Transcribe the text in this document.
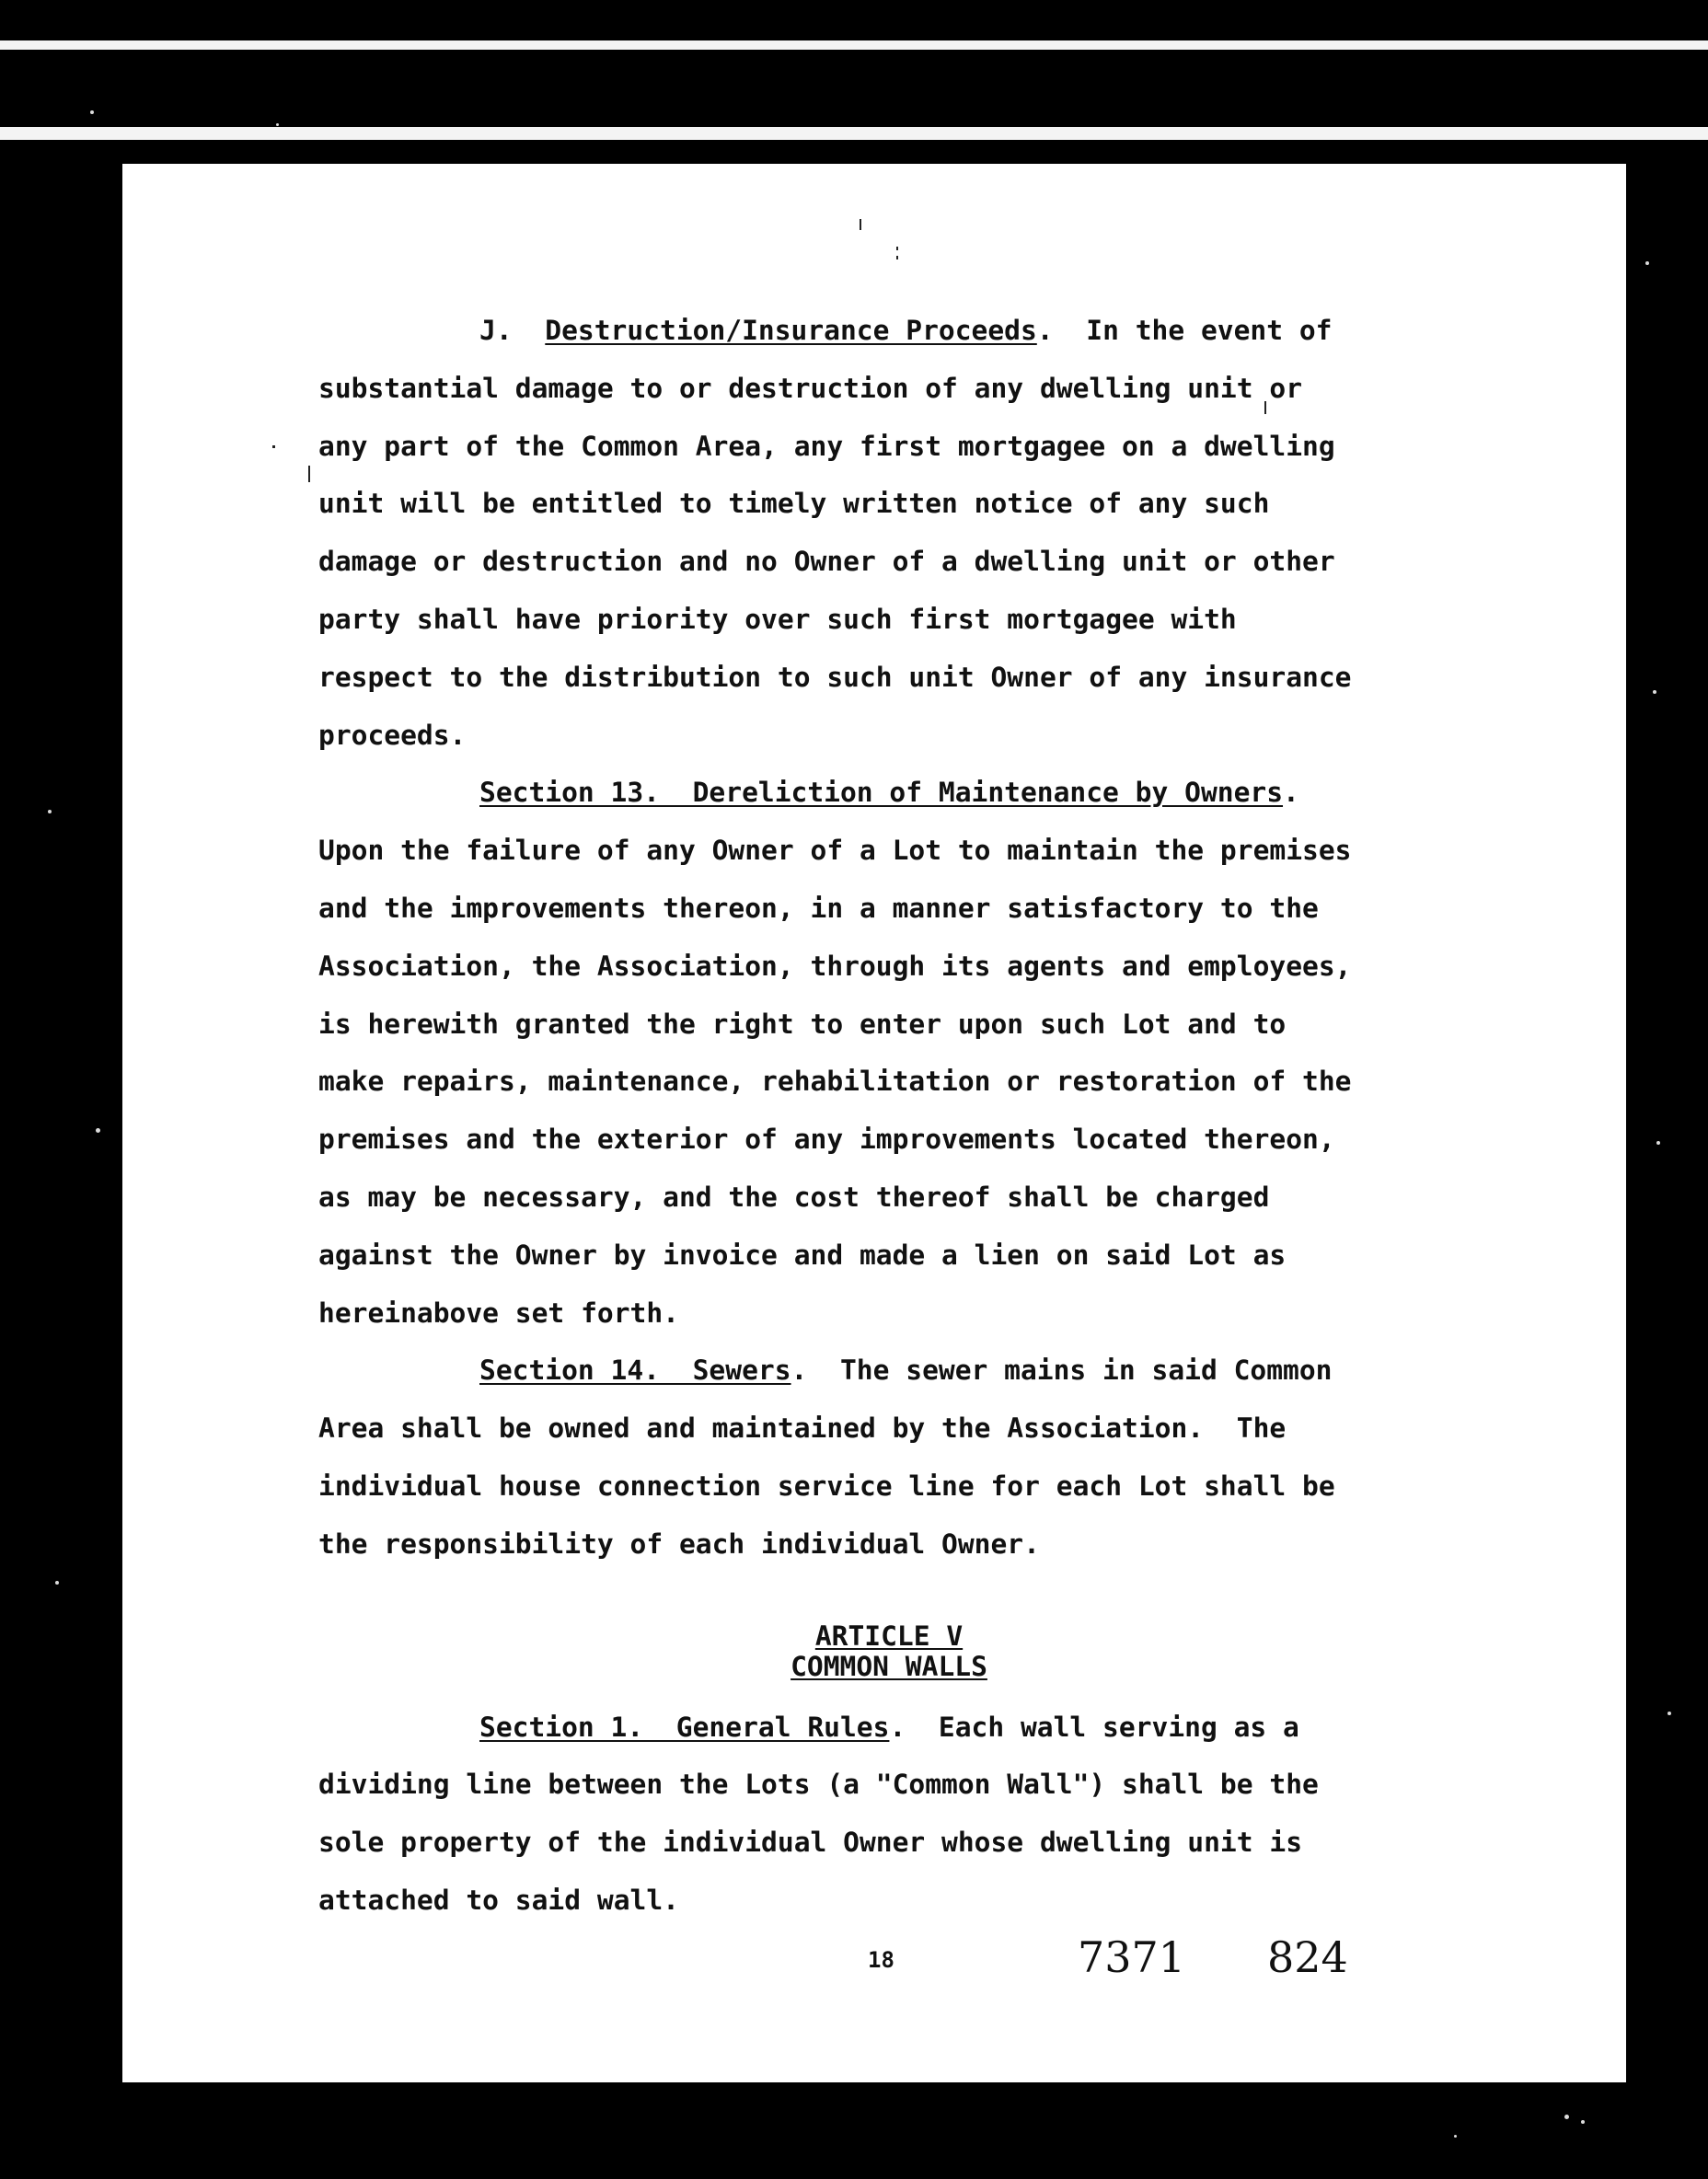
J. Destruction/Insurance Proceeds.  In the event of
substantial damage to or destruction of any dwelling unit or
any part of the Common Area, any first mortgagee on a dwelling
unit will be entitled to timely written notice of any such
damage or destruction and no Owner of a dwelling unit or other
party shall have priority over such first mortgagee with
respect to the distribution to such unit Owner of any insurance
proceeds.
Section 13.  Dereliction of Maintenance by Owners.
Upon the failure of any Owner of a Lot to maintain the premises
and the improvements thereon, in a manner satisfactory to the
Association, the Association, through its agents and employees,
is herewith granted the right to enter upon such Lot and to
make repairs, maintenance, rehabilitation or restoration of the
premises and the exterior of any improvements located thereon,
as may be necessary, and the cost thereof shall be charged
against the Owner by invoice and made a lien on said Lot as
hereinabove set forth.
Section 14.  Sewers.  The sewer mains in said Common
Area shall be owned and maintained by the Association.  The
individual house connection service line for each Lot shall be
the responsibility of each individual Owner.
ARTICLE V
COMMON WALLS
Section 1.  General Rules.  Each wall serving as a
dividing line between the Lots (a "Common Wall") shall be the
sole property of the individual Owner whose dwelling unit is
attached to said wall.
18	7371 824
